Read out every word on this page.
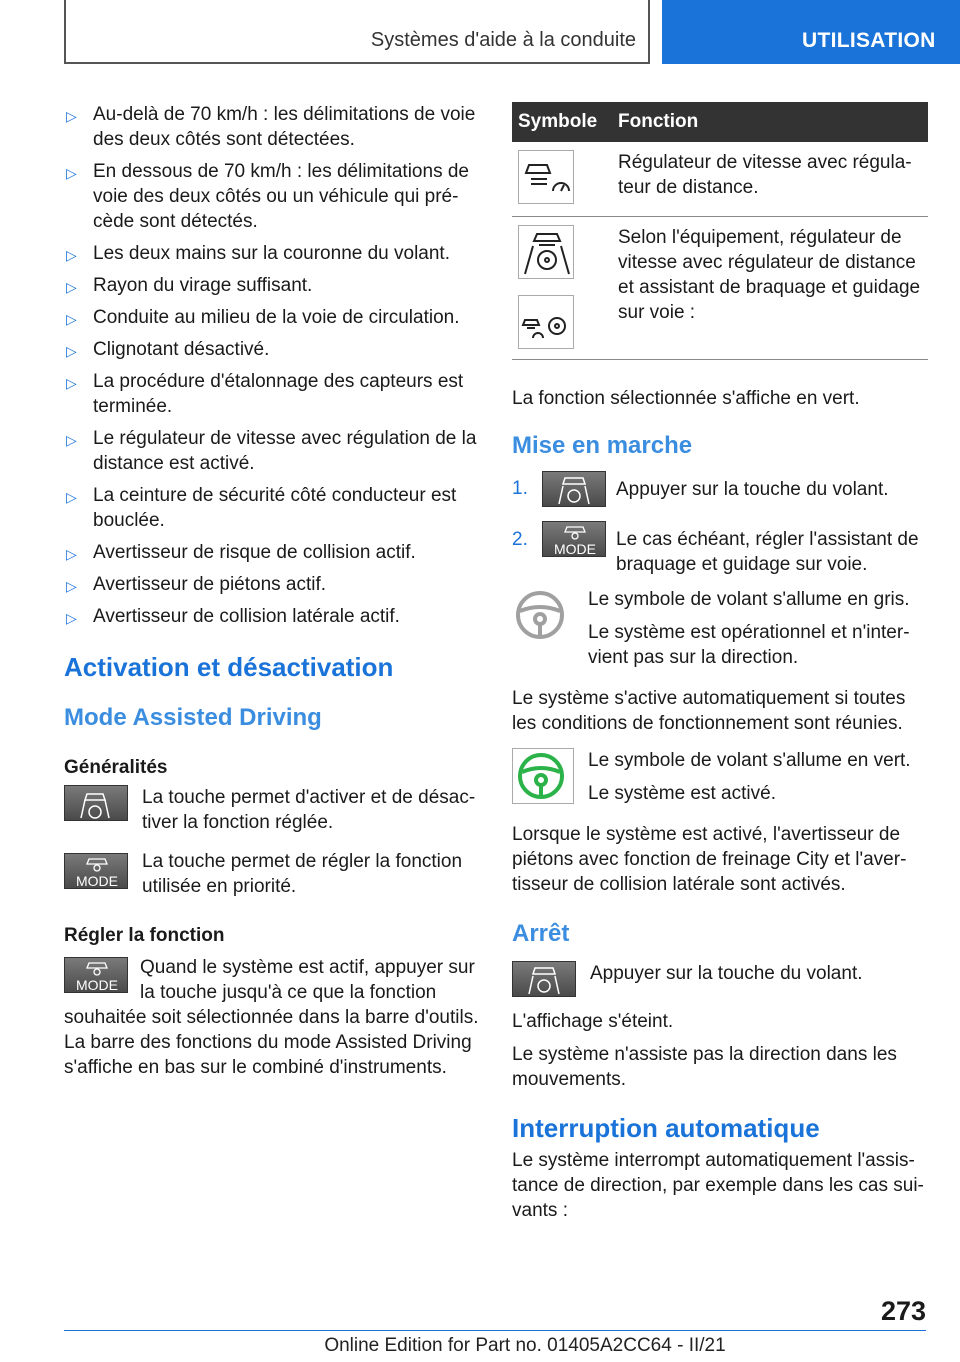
Systèmes d'aide à la conduite	UTILISATION
▷ Au-delà de 70 km/h : les délimitations de voie des deux côtés sont détectées.
▷ En dessous de 70 km/h : les délimitations de voie des deux côtés ou un véhicule qui pré‐cède sont détectés.
▷ Les deux mains sur la couronne du volant.
▷ Rayon du virage suffisant.
▷ Conduite au milieu de la voie de circulation.
▷ Clignotant désactivé.
▷ La procédure d'étalonnage des capteurs est terminée.
▷ Le régulateur de vitesse avec régulation de la distance est activé.
▷ La ceinture de sécurité côté conducteur est bouclée.
▷ Avertisseur de risque de collision actif.
▷ Avertisseur de piétons actif.
▷ Avertisseur de collision latérale actif.
Activation et désactivation
Mode Assisted Driving
Généralités

La touche permet d'activer et de désac‐tiver la fonction réglée.

MODE

La touche permet de régler la fonction utilisée en priorité.

Régler la fonction
MODE

Quand le système est actif, appuyer sur la touche jusqu'à ce que la fonction souhaitée soit sélectionnée dans la barre d'outils. La barre des fonctions du mode Assisted Driving s'affiche en bas sur le combiné d'instruments.

Symbole	Fonction

	Régulateur de vitesse avec régula‐teur de distance.

	Selon l'équipement, régulateur de vitesse avec régulateur de distance et assistant de braquage et guidage sur voie :

La fonction sélectionnée s'affiche en vert.

Mise en marche
1.	Appuyer sur la touche du volant.

2.	MODE	Le cas échéant, régler l'assistant de braquage et guidage sur voie.

Le symbole de volant s'allume en gris.

Le système est opérationnel et n'inter‐vient pas sur la direction.

Le système s'active automatiquement si toutes les conditions de fonctionnement sont réunies.

Le symbole de volant s'allume en vert.

Le système est activé.

Lorsque le système est activé, l'avertisseur de piétons avec fonction de freinage City et l'aver‐tisseur de collision latérale sont activés.

Arrêt

Appuyer sur la touche du volant.

L'affichage s'éteint.

Le système n'assiste pas la direction dans les mouvements.

Interruption automatique

Le système interrompt automatiquement l'assis‐tance de direction, par exemple dans les cas sui‐vants :

273
Online Edition for Part no. 01405A2CC64 - II/21
